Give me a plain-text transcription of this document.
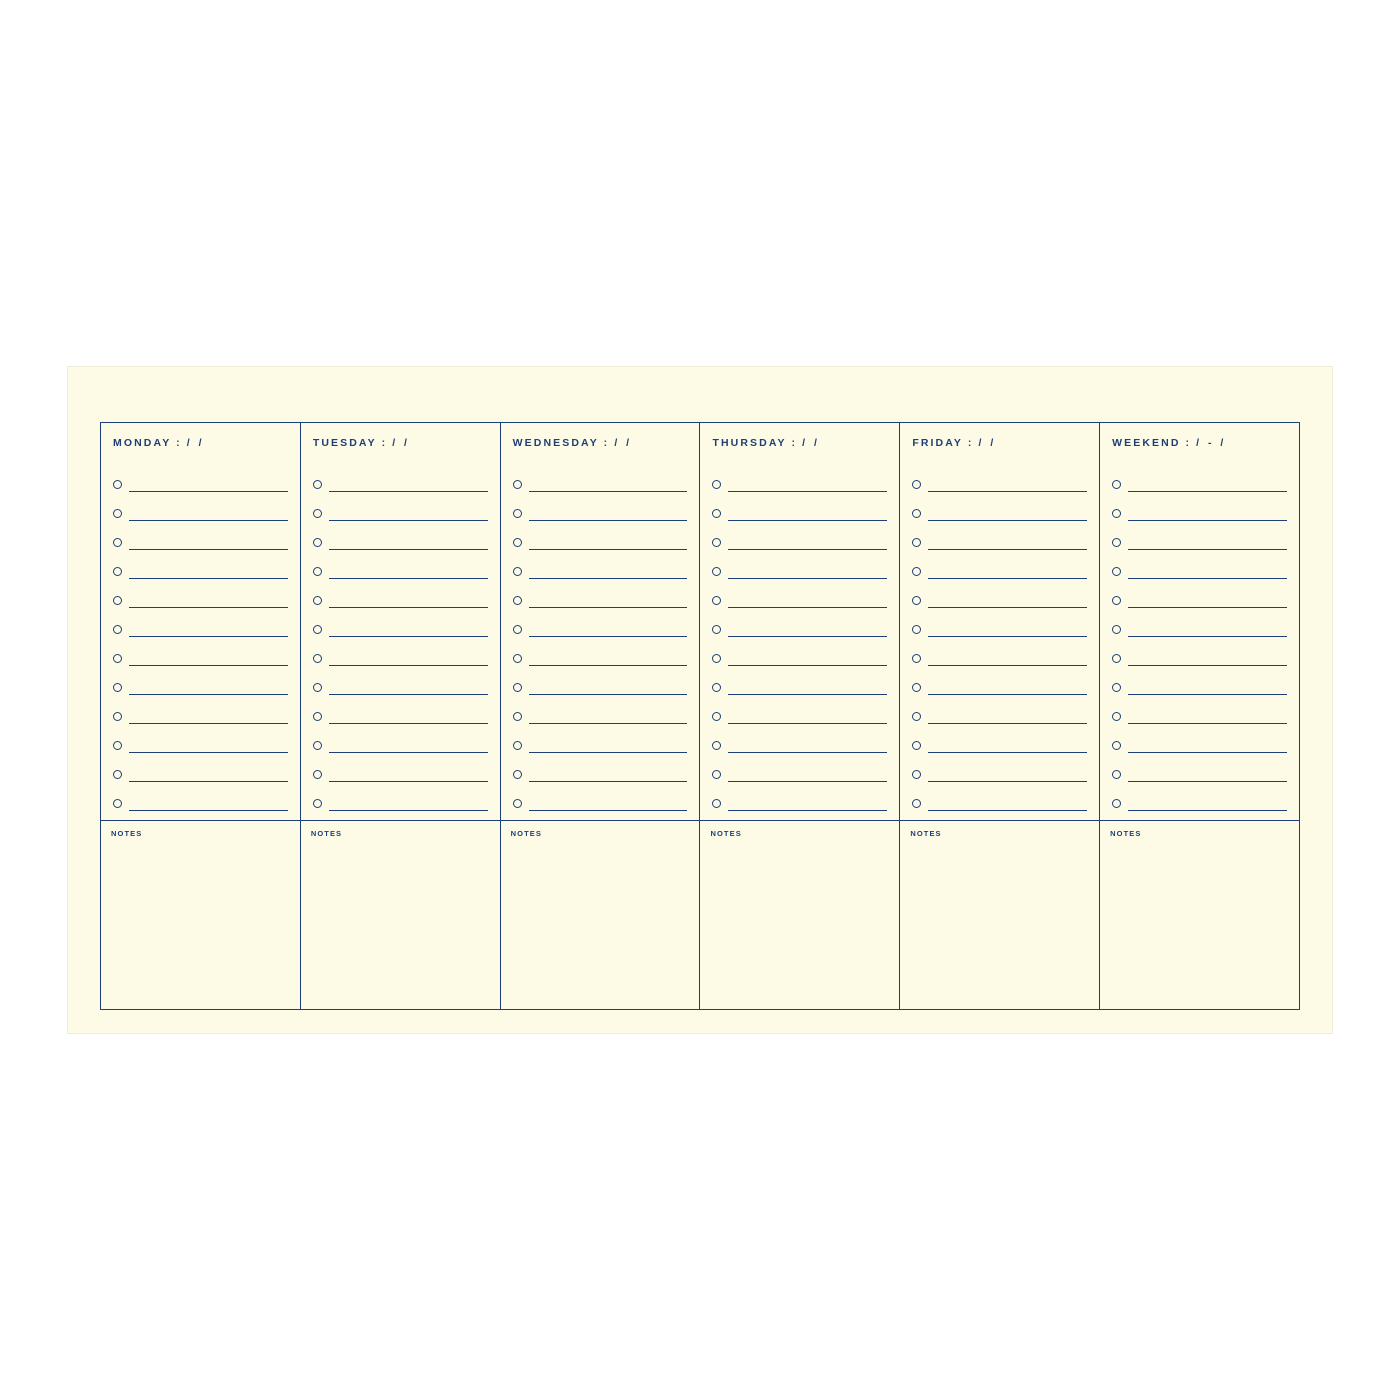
MONDAY : / /	TUESDAY : / /	WEDNESDAY : / /	THURSDAY : / /	FRIDAY : / /	WEEKEND : / - /
NOTES	NOTES	NOTES	NOTES	NOTES	NOTES
